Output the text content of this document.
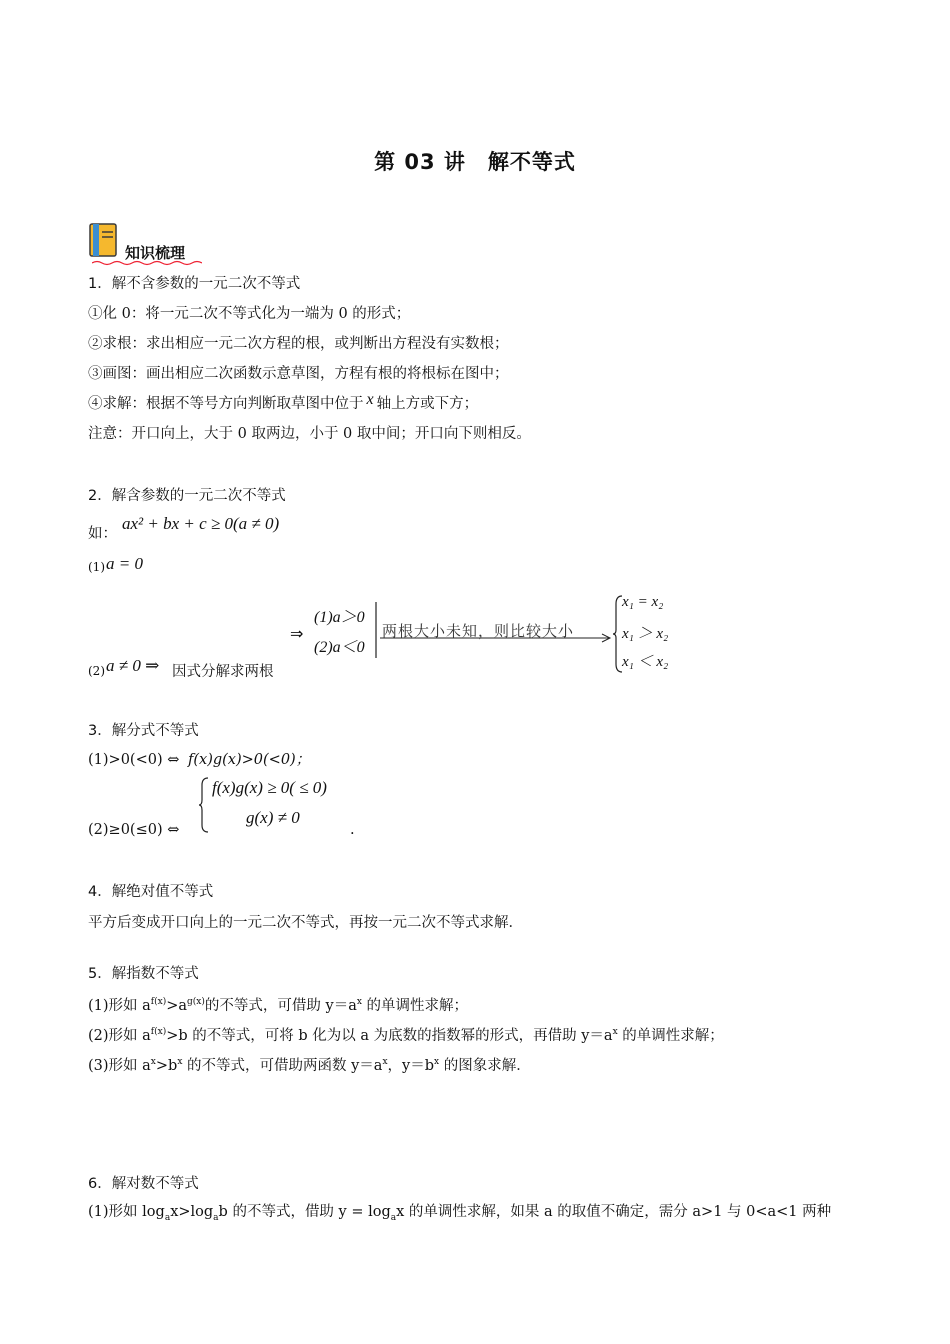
第 03 讲　解不等式
知识梳理
1．解不含参数的一元二次不等式
①化 0：将一元二次不等式化为一端为 0 的形式；
②求根：求出相应一元二次方程的根，或判断出方程没有实数根；
③画图：画出相应二次函数示意草图，方程有根的将根标在图中；
④求解：根据不等号方向判断取草图中位于 x 轴上方或下方；
注意：开口向上，大于 0 取两边，小于 0 取中间；开口向下则相反。
2．解含参数的一元二次不等式
如：
ax² + bx + c ≥ 0(a ≠ 0)
(1) a = 0
⇒
(1)a＞0
(2)a＜0
两根大小未知，则比较大小
x₁ = x₂
x₁ ＞ x₂
x₁ ＜ x₂
(2) a ≠ 0 ⇒ 因式分解求两根
3．解分式不等式
(1)>0(<0) ⇔ f(x)g(x)>0(<0)；
f(x)g(x) ≥ 0( ≤ 0)
g(x) ≠ 0
(2)≥0(≤0) ⇔	.
4．解绝对值不等式
平方后变成开口向上的一元二次不等式，再按一元二次不等式求解．
5．解指数不等式
(1)形如 $a^{f(x)}>a^{g(x)}$的不等式，可借助 $y=a^x$ 的单调性求解；
(2)形如 $a^{f(x)}>b$ 的不等式，可将 b 化为以 a 为底数的指数幂的形式，再借助 $y=a^x$ 的单调性求解；
(3)形如 $a^x>b^x$ 的不等式，可借助两函数 $y=a^x$，$y=b^x$ 的图象求解．
6．解对数不等式
(1)形如 $\log_ax>\log_ab$ 的不等式，借助 $y = \log_ax$ 的单调性求解，如果 a 的取值不确定，需分 a>1 与 0<a<1 两种
